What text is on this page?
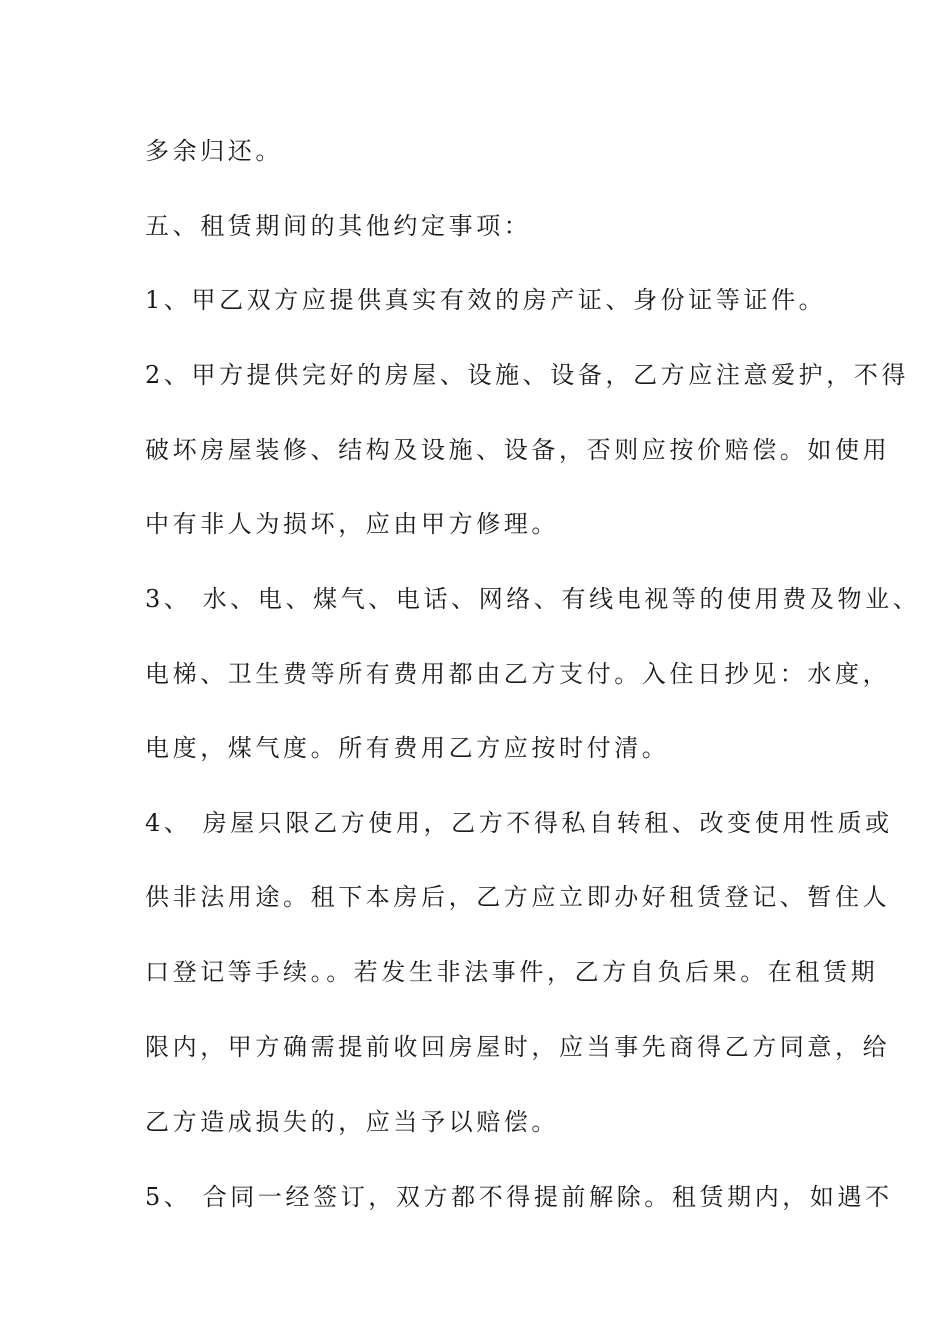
多余归还。
五、租赁期间的其他约定事项：
1、甲乙双方应提供真实有效的房产证、身份证等证件。
2、甲方提供完好的房屋、设施、设备，乙方应注意爱护，不得
破坏房屋装修、结构及设施、设备，否则应按价赔偿。如使用
中有非人为损坏，应由甲方修理。
3、 水、电、煤气、电话、网络、有线电视等的使用费及物业、
电梯、卫生费等所有费用都由乙方支付。入住日抄见：水度，
电度，煤气度。所有费用乙方应按时付清。
4、 房屋只限乙方使用，乙方不得私自转租、改变使用性质或
供非法用途。租下本房后，乙方应立即办好租赁登记、暂住人
口登记等手续。。若发生非法事件，乙方自负后果。在租赁期
限内，甲方确需提前收回房屋时，应当事先商得乙方同意，给
乙方造成损失的，应当予以赔偿。
5、 合同一经签订，双方都不得提前解除。租赁期内，如遇不
